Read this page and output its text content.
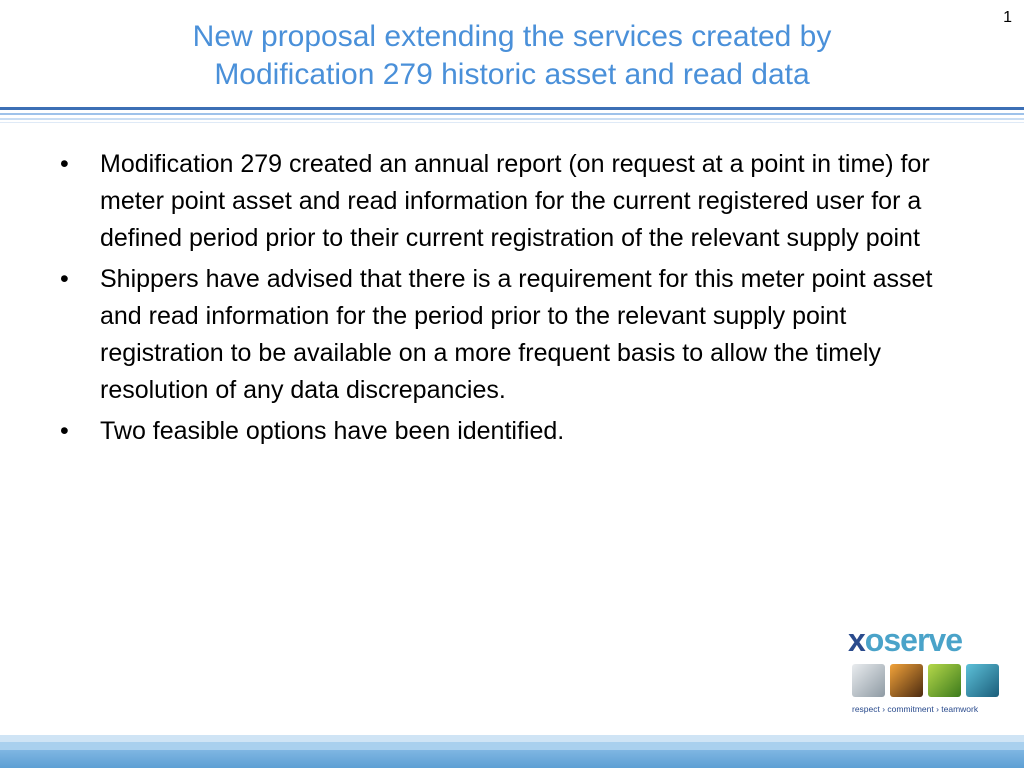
1
New proposal extending the services created by
Modification 279 historic asset and read data
•	Modification 279 created an annual report (on request at a point in time) for meter point asset and read information for the current registered user for a defined period prior to their current registration of the relevant supply point
•	Shippers have advised that there is a requirement for this meter point asset and read information for the period prior to the relevant supply point registration to be available on a more frequent basis to allow the timely resolution of any data discrepancies.
•	Two feasible options have been identified.
xoserve
respect › commitment › teamwork
